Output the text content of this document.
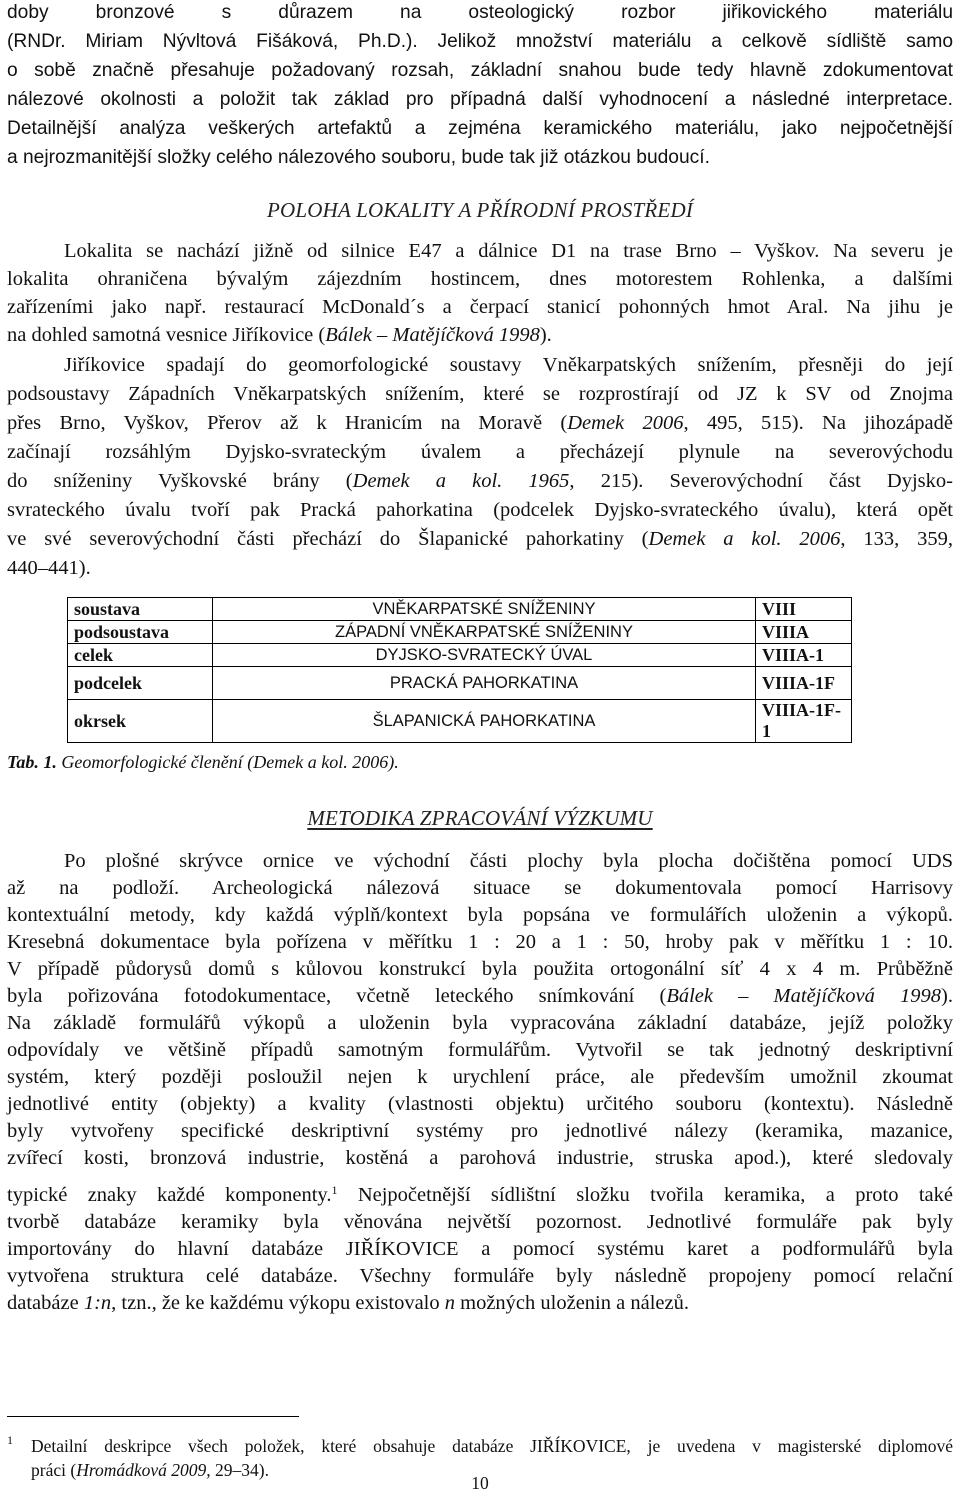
doby bronzové s důrazem na osteologický rozbor jiřikovického materiálu
(RNDr. Miriam Nývltová Fišáková, Ph.D.). Jelikož množství materiálu a celkově sídliště samo
o sobě značně přesahuje požadovaný rozsah, základní snahou bude tedy hlavně zdokumentovat
nálezové okolnosti a položit tak základ pro případná další vyhodnocení a následné interpretace.
Detailnější analýza veškerých artefaktů a zejména keramického materiálu, jako nejpočetnější
a nejrozmanitější složky celého nálezového souboru, bude tak již otázkou budoucí.
POLOHA LOKALITY A PŘÍRODNÍ PROSTŘEDÍ
Lokalita se nachází jižně od silnice E47 a dálnice D1 na trase Brno – Vyškov. Na severu je
lokalita ohraničena bývalým zájezdním hostincem, dnes motorestem Rohlenka, a dalšími
zařízeními jako např. restaurací McDonald´s a čerpací stanicí pohonných hmot Aral. Na jihu je
na dohled samotná vesnice Jiříkovice (Bálek – Matějíčková 1998).
Jiříkovice spadají do geomorfologické soustavy Vněkarpatských snížením, přesněji do její
podsoustavy Západních Vněkarpatských snížením, které se rozprostírají od JZ k SV od Znojma
přes Brno, Vyškov, Přerov až k Hranicím na Moravě (Demek 2006, 495, 515). Na jihozápadě
začínají rozsáhlým Dyjsko-svrateckým úvalem a přecházejí plynule na severovýchodu
do sníženiny Vyškovské brány (Demek a kol. 1965, 215). Severovýchodní část Dyjsko-
svrateckého úvalu tvoří pak Pracká pahorkatina (podcelek Dyjsko-svrateckého úvalu), která opět
ve své severovýchodní části přechází do Šlapanické pahorkatiny (Demek a kol. 2006, 133, 359,
440–441).
soustava	VNĚKARPATSKÉ SNÍŽENINY	VIII
podsoustava	ZÁPADNÍ VNĚKARPATSKÉ SNÍŽENINY	VIIIA
celek	DYJSKO-SVRATECKÝ ÚVAL	VIIIA-1
podcelek	PRACKÁ PAHORKATINA	VIIIA-1F
okrsek	ŠLAPANICKÁ PAHORKATINA	VIIIA-1F-1
Tab. 1. Geomorfologické členění (Demek a kol. 2006).
METODIKA ZPRACOVÁNÍ VÝZKUMU
Po plošné skrývce ornice ve východní části plochy byla plocha dočištěna pomocí UDS
až na podloží. Archeologická nálezová situace se dokumentovala pomocí Harrisovy
kontextuální metody, kdy každá výplň/kontext byla popsána ve formulářích uloženin a výkopů.
Kresebná dokumentace byla pořízena v měřítku 1 : 20 a 1 : 50, hroby pak v měřítku 1 : 10.
V případě půdorysů domů s kůlovou konstrukcí byla použita ortogonální síť 4 x 4 m. Průběžně
byla pořizována fotodokumentace, včetně leteckého snímkování (Bálek – Matějíčková 1998).
Na základě formulářů výkopů a uloženin byla vypracována základní databáze, jejíž položky
odpovídaly ve většině případů samotným formulářům. Vytvořil se tak jednotný deskriptivní
systém, který později posloužil nejen k urychlení práce, ale především umožnil zkoumat
jednotlivé entity (objekty) a kvality (vlastnosti objektu) určitého souboru (kontextu). Následně
byly vytvořeny specifické deskriptivní systémy pro jednotlivé nálezy (keramika, mazanice,
zvířecí kosti, bronzová industrie, kostěná a parohová industrie, struska apod.), které sledovaly
typické znaky každé komponenty.$^1$ Nejpočetnější sídlištní složku tvořila keramika, a proto také
tvorbě databáze keramiky byla věnována největší pozornost. Jednotlivé formuláře pak byly
importovány do hlavní databáze JIŘÍKOVICE a pomocí systému karet a podformulářů byla
vytvořena struktura celé databáze. Všechny formuláře byly následně propojeny pomocí relační
databáze 1:n, tzn., že ke každému výkopu existovalo n možných uloženin a nálezů.
1 Detailní deskripce všech položek, které obsahuje databáze JIŘÍKOVICE, je uvedena v magisterské diplomové
práci (Hromádková 2009, 29–34).
10
